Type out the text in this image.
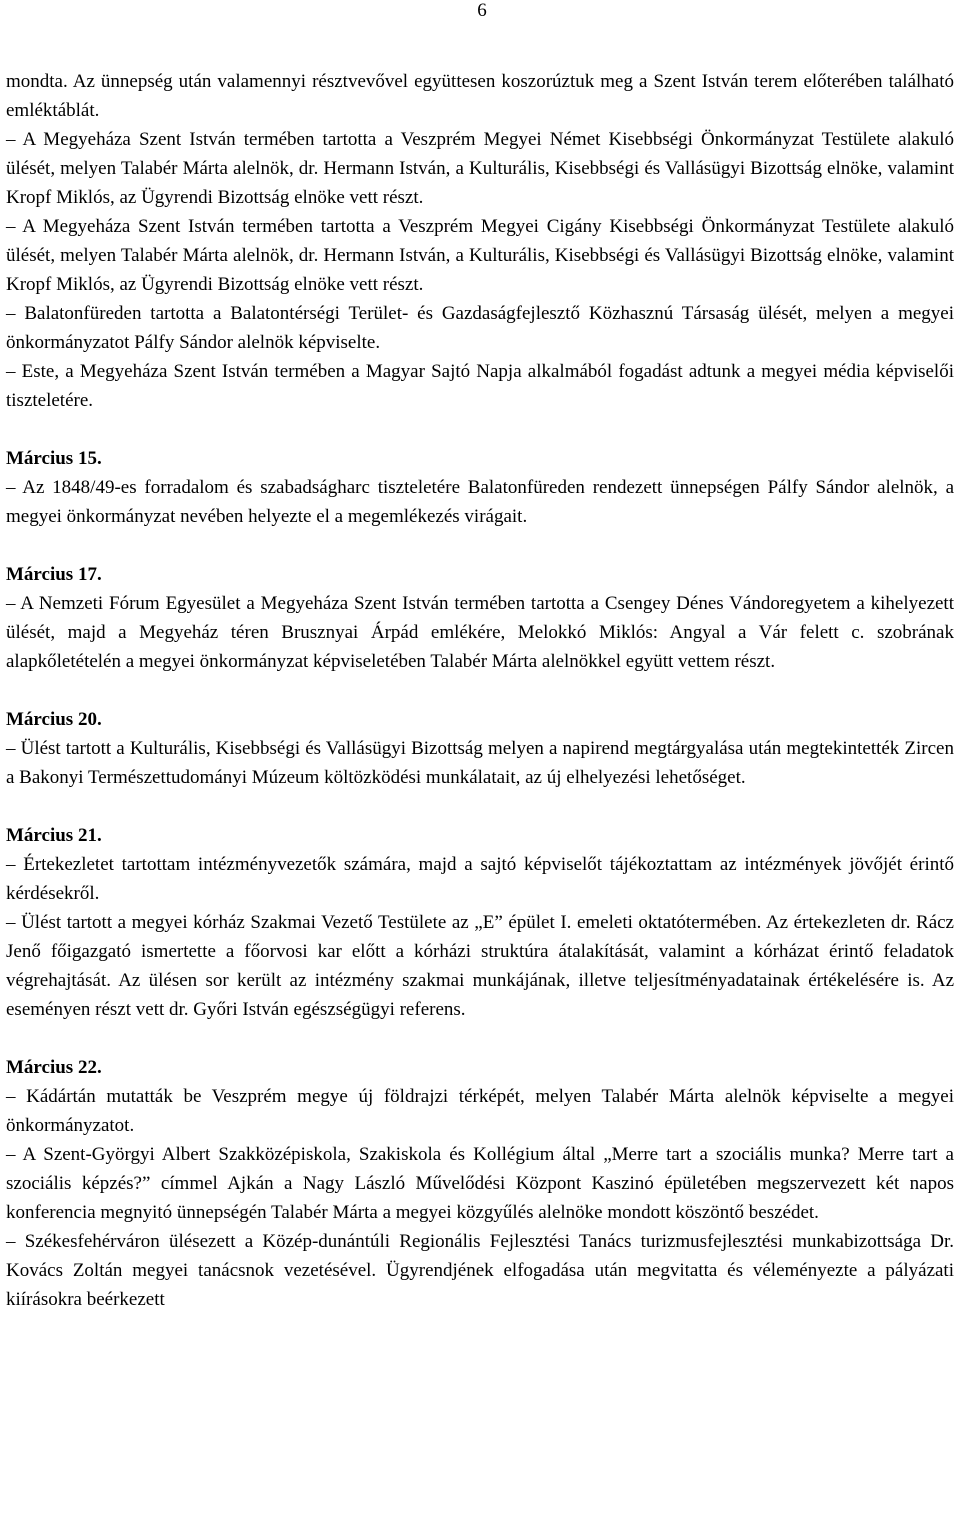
6

mondta. Az ünnepség után valamennyi résztvevővel együttesen koszorúztuk meg a Szent István terem előterében található emléktáblát.

– A Megyeháza Szent István termében tartotta a Veszprém Megyei Német Kisebbségi Önkormányzat Testülete alakuló ülését, melyen Talabér Márta alelnök, dr. Hermann István, a Kulturális, Kisebbségi és Vallásügyi Bizottság elnöke, valamint Kropf Miklós, az Ügyrendi Bizottság elnöke vett részt.

– A Megyeháza Szent István termében tartotta a Veszprém Megyei Cigány Kisebbségi Önkormányzat Testülete alakuló ülését, melyen Talabér Márta alelnök, dr. Hermann István, a Kulturális, Kisebbségi és Vallásügyi Bizottság elnöke, valamint Kropf Miklós, az Ügyrendi Bizottság elnöke vett részt.

– Balatonfüreden tartotta a Balatontérségi Terület- és Gazdaságfejlesztő Közhasznú Társaság ülését, melyen a megyei önkormányzatot Pálfy Sándor alelnök képviselte.

– Este, a Megyeháza Szent István termében a Magyar Sajtó Napja alkalmából fogadást adtunk a megyei média képviselői tiszteletére.

Március 15.

– Az 1848/49-es forradalom és szabadságharc tiszteletére Balatonfüreden rendezett ünnepségen Pálfy Sándor alelnök, a megyei önkormányzat nevében helyezte el a megemlékezés virágait.

Március 17.

– A Nemzeti Fórum Egyesület a Megyeháza Szent István termében tartotta a Csengey Dénes Vándoregyetem a kihelyezett ülését, majd a Megyeház téren Brusznyai Árpád emlékére, Melokkó Miklós: Angyal a Vár felett c. szobrának alapkőletételén a megyei önkormányzat képviseletében Talabér Márta alelnökkel együtt vettem részt.

Március 20.

– Ülést tartott a Kulturális, Kisebbségi és Vallásügyi Bizottság melyen a napirend megtárgyalása után megtekintették Zircen a Bakonyi Természettudományi Múzeum költözködési munkálatait, az új elhelyezési lehetőséget.

Március 21.

– Értekezletet tartottam intézményvezetők számára, majd a sajtó képviselőt tájékoztattam az intézmények jövőjét érintő kérdésekről.

– Ülést tartott a megyei kórház Szakmai Vezető Testülete az „E” épület I. emeleti oktatótermében. Az értekezleten dr. Rácz Jenő főigazgató ismertette a főorvosi kar előtt a kórházi struktúra átalakítását, valamint a kórházat érintő feladatok végrehajtását. Az ülésen sor került az intézmény szakmai munkájának, illetve teljesítményadatainak értékelésére is. Az eseményen részt vett dr. Győri István egészségügyi referens.

Március 22.

– Kádártán mutatták be Veszprém megye új földrajzi térképét, melyen Talabér Márta alelnök képviselte a megyei önkormányzatot.

– A Szent-Györgyi Albert Szakközépiskola, Szakiskola és Kollégium által „Merre tart a szociális munka? Merre tart a szociális képzés?” címmel Ajkán a Nagy László Művelődési Központ Kaszinó épületében megszervezett két napos konferencia megnyitó ünnepségén Talabér Márta a megyei közgyűlés alelnöke mondott köszöntő beszédet.

– Székesfehérváron ülésezett a Közép-dunántúli Regionális Fejlesztési Tanács turizmusfejlesztési munkabizottsága Dr. Kovács Zoltán megyei tanácsnok vezetésével. Ügyrendjének elfogadása után megvitatta és véleményezte a pályázati kiírásokra beérkezett
